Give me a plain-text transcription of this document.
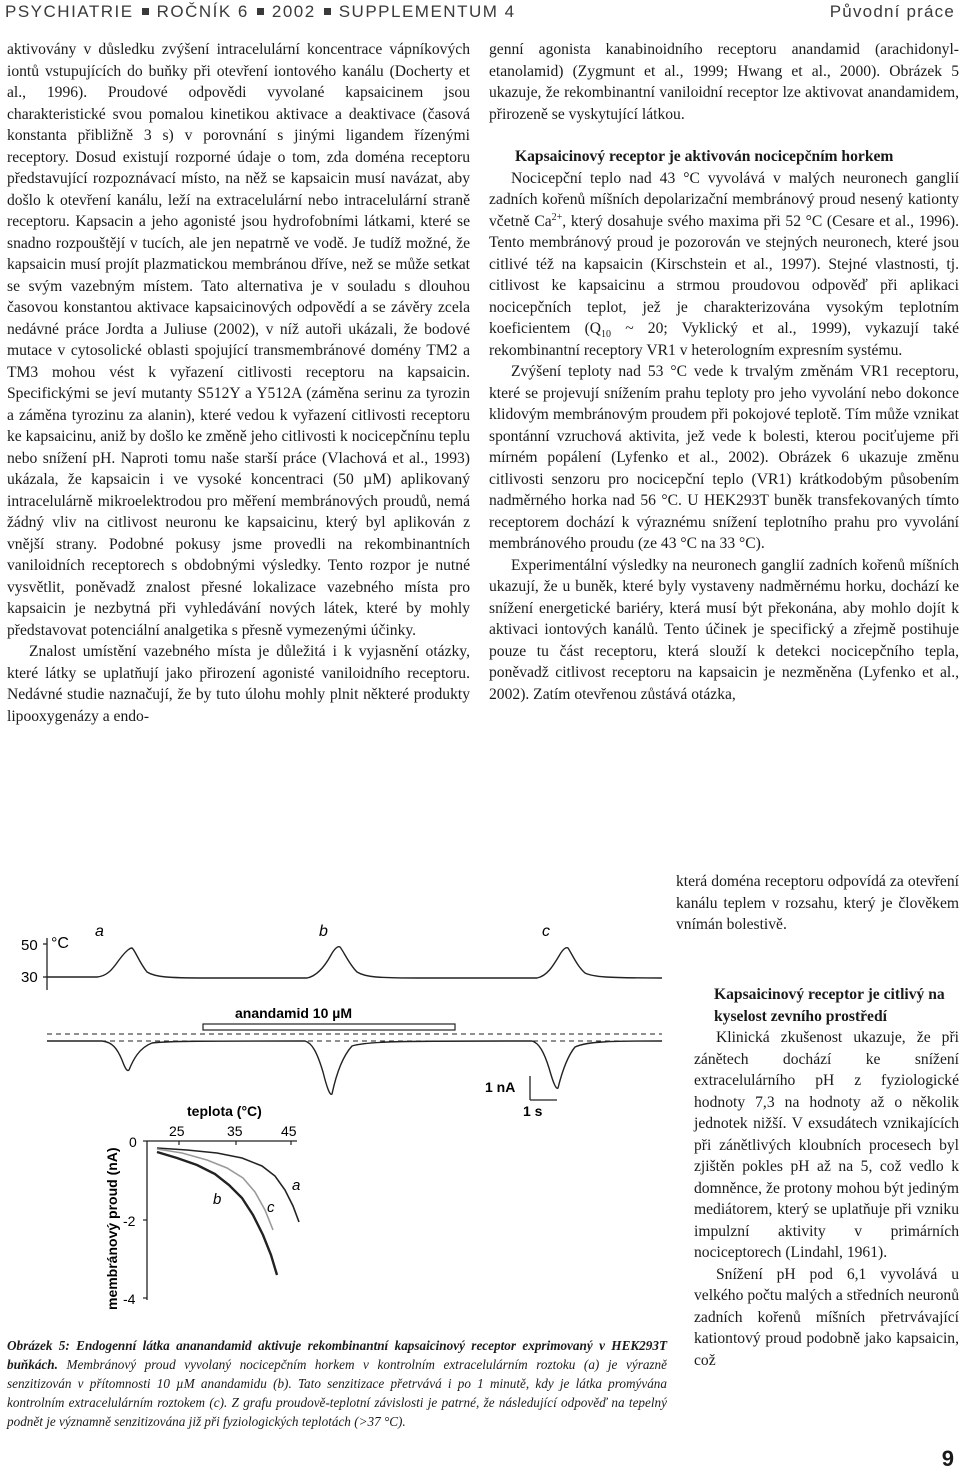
PSYCHIATRIE ROČNÍK 6 2002 SUPPLEMENTUM 4	Původní práce

aktivovány v důsledku zvýšení intracelulární koncentrace vápníkových iontů vstupujících do buňky při otevření iontového kanálu (Docherty et al., 1996). Proudové odpovědi vyvolané kapsaicinem jsou charakteristické svou pomalou kinetikou aktivace a deaktivace (časová konstanta přibližně 3 s) v porovnání s jinými ligandem řízenými receptory. Dosud existují rozporné údaje o tom, zda doména receptoru představující rozpoznávací místo, na něž se kapsaicin musí navázat, aby došlo k otevření kanálu, leží na extracelulární nebo intracelulární straně receptoru. Kapsacin a jeho agonisté jsou hydrofobními látkami, které se snadno rozpouštějí v tucích, ale jen nepatrně ve vodě. Je tudíž možné, že kapsaicin musí projít plazmatickou membránou dříve, než se může setkat se svým vazebným místem. Tato alternativa je v souladu s dlouhou časovou konstantou aktivace kapsaicinových odpovědí a se závěry zcela nedávné práce Jordta a Juliuse (2002), v níž autoři ukázali, že bodové mutace v cytosolické oblasti spojující transmembránové domény TM2 a TM3 mohou vést k vyřazení citlivosti receptoru na kapsaicin. Specifickými se jeví mutanty S512Y a Y512A (záměna serinu za tyrozin a záměna tyrozinu za alanin), které vedou k vyřazení citlivosti receptoru ke kapsaicinu, aniž by došlo ke změně jeho citlivosti k nocicepčnínu teplu nebo snížení pH. Naproti tomu naše starší práce (Vlachová et al., 1993) ukázala, že kapsaicin i ve vysoké koncentraci (50 µM) aplikovaný intracelulárně mikroelektrodou pro měření membránových proudů, nemá žádný vliv na citlivost neuronu ke kapsaicinu, který byl aplikován z vnější strany. Podobné pokusy jsme provedli na rekombinantních vaniloidních receptorech s obdobnými výsledky. Tento rozpor je nutné vysvětlit, poněvadž znalost přesné lokalizace vazebného místa pro kapsaicin je nezbytná při vyhledávání nových látek, které by mohly představovat potenciální analgetika s přesně vymezenými účinky.

Znalost umístění vazebného místa je důležitá i k vyjasnění otázky, které látky se uplatňují jako přirození agonisté vaniloidního receptoru. Nedávné studie naznačují, že by tuto úlohu mohly plnit některé produkty lipooxygenázy a endo-

genní agonista kanabinoidního receptoru anandamid (arachidonyl-etanolamid) (Zygmunt et al., 1999; Hwang et al., 2000). Obrázek 5 ukazuje, že rekombinantní vaniloidní receptor lze aktivovat anandamidem, přirozeně se vyskytující látkou.

Kapsaicinový receptor je aktivován nocicepčním horkem

Nocicepční teplo nad 43 °C vyvolává v malých neuronech ganglií zadních kořenů míšních depolarizační membránový proud nesený kationty včetně $Ca^{2+}$, který dosahuje svého maxima při 52 °C (Cesare et al., 1996). Tento membránový proud je pozorován ve stejných neuronech, které jsou citlivé též na kapsaicin (Kirschstein et al., 1997). Stejné vlastnosti, tj. citlivost ke kapsaicinu a strmou proudovou odpověď při aplikaci nocicepčních teplot, jež je charakterizována vysokým teplotním koeficientem ($Q_{10}$ ~ 20; Vyklický et al., 1999), vykazují také rekombinantní receptory VR1 v heterologním expresním systému.

Zvýšení teploty nad 53 °C vede k trvalým změnám VR1 receptoru, které se projevují snížením prahu teploty pro jeho vyvolání nebo dokonce klidovým membránovým proudem při pokojové teplotě. Tím může vznikat spontánní vzruchová aktivita, jež vede k bolesti, kterou pociťujeme při mírném popálení (Lyfenko et al., 2002). Obrázek 6 ukazuje změnu citlivosti senzoru pro nocicepční teplo (VR1) krátkodobým působením nadměrného horka nad 56 °C. U HEK293T buněk transfekovaných tímto receptorem dochází k výraznému snížení teplotního prahu pro vyvolání membránového proudu (ze 43 °C na 33 °C).

Experimentální výsledky na neuronech ganglií zadních kořenů míšních ukazují, že u buněk, které byly vystaveny nadměrnému horku, dochází ke snížení energetické bariéry, která musí být překonána, aby mohlo dojít k aktivaci iontových kanálů. Tento účinek je specifický a zřejmě postihuje pouze tu část receptoru, která slouží k detekci nocicepčního tepla, poněvadž citlivost receptoru na kapsaicin je nezměněna (Lyfenko et al., 2002). Zatím otevřenou zůstává otázka,

která doména receptoru odpovídá za otevření kanálu teplem v rozsahu, který je člověkem vnímán bolestivě.

Kapsaicinový receptor je citlivý na kyselost zevního prostředí

Klinická zkušenost ukazuje, že při zánětech dochází ke snížení extracelulárního pH z fyziologické hodnoty 7,3 na hodnoty až o několik jednotek nižší. V exsudátech vznikajících při zánětlivých kloubních procesech byl zjištěn pokles pH až na 5, což vedlo k domněnce, že protony mohou být jediným mediátorem, který se uplatňuje při vzniku impulzní aktivity v primárních nociceptorech (Lindahl, 1961).

Snížení pH pod 6,1 vyvolává u velkého počtu malých a středních neuronů zadních kořenů míšních přetrvávající kationtový proud podobně jako kapsaicin, což

50 °C
30
a	b	c
anandamid 10 µM
1 nA
1 s
teplota (°C)
25	35	45
0
-2
-4
membránový proud (nA)	a
b	c
Obrázek 5: Endogenní látka ananandamid aktivuje rekombinantní kapsaicinový receptor exprimovaný v HEK293T buňkách. Membránový proud vyvolaný nocicepčním horkem v kontrolním extracelulárním roztoku (a) je výrazně senzitizován v přítomnosti 10 µM anandamidu (b). Tato senzitizace přetrvává i po 1 minutě, kdy je látka promývána kontrolním extracelulárním roztokem (c). Z grafu proudově-teplotní závislosti je patrné, že následující odpověď na tepelný podnět je významně senzitizována již při fyziologických teplotách (>37 °C).
9
